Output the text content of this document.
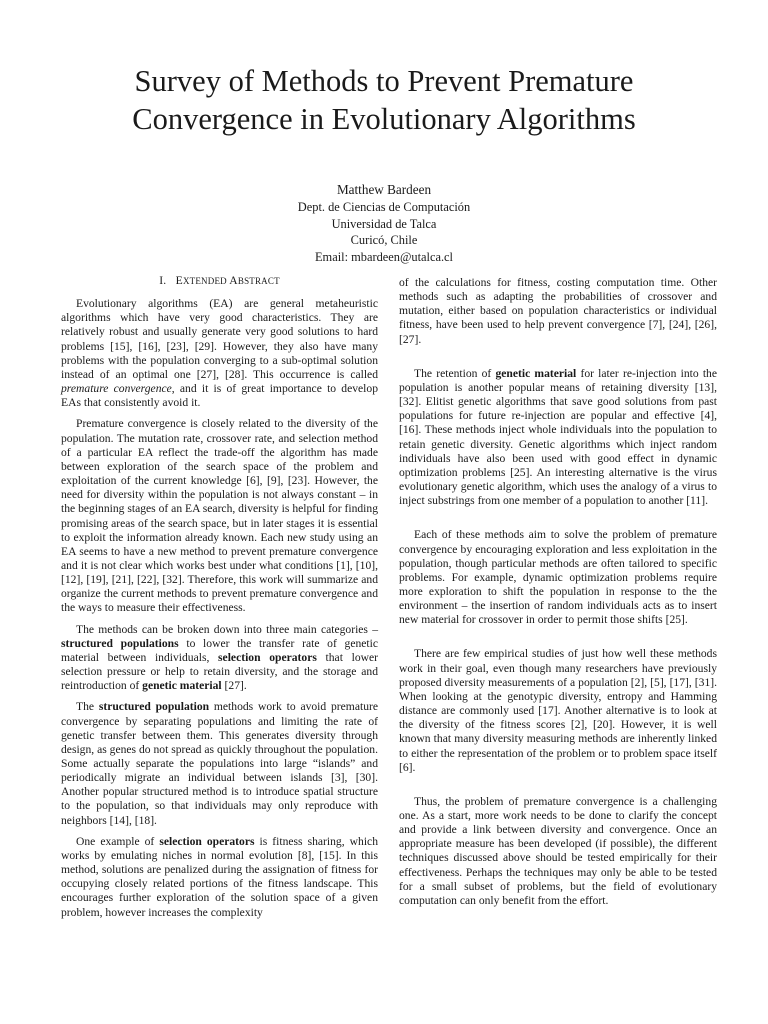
Survey of Methods to Prevent Premature
Convergence in Evolutionary Algorithms
Matthew Bardeen
Dept. de Ciencias de Computación
Universidad de Talca
Curicó, Chile
Email: mbardeen@utalca.cl
I. EXTENDED ABSTRACT

Evolutionary algorithms (EA) are general metaheuristic algorithms which have very good characteristics. They are relatively robust and usually generate very good solutions to hard problems [15], [16], [23], [29]. However, they also have many problems with the population converging to a sub-optimal solution instead of an optimal one [27], [28]. This occurrence is called premature convergence, and it is of great importance to develop EAs that consistently avoid it.

Premature convergence is closely related to the diversity of the population. The mutation rate, crossover rate, and selection method of a particular EA reflect the trade-off the algorithm has made between exploration of the search space of the problem and exploitation of the current knowledge [6], [9], [23]. However, the need for diversity within the population is not always constant – in the beginning stages of an EA search, diversity is helpful for finding promising areas of the search space, but in later stages it is essential to exploit the information already known. Each new study using an EA seems to have a new method to prevent premature convergence and it is not clear which works best under what conditions [1], [10], [12], [19], [21], [22], [32]. Therefore, this work will summarize and organize the current methods to prevent premature convergence and the ways to measure their effectiveness.

The methods can be broken down into three main categories – structured populations to lower the transfer rate of genetic material between individuals, selection operators that lower selection pressure or help to retain diversity, and the storage and reintroduction of genetic material [27].

The structured population methods work to avoid premature convergence by separating populations and limiting the rate of genetic transfer between them. This generates diversity through design, as genes do not spread as quickly throughout the population. Some actually separate the populations into large “islands” and periodically migrate an individual between islands [3], [30]. Another popular structured method is to introduce spatial structure to the population, so that individuals may only reproduce with neighbors [14], [18].

One example of selection operators is fitness sharing, which works by emulating niches in normal evolution [8], [15]. In this method, solutions are penalized during the assignation of fitness for occupying closely related portions of the fitness landscape. This encourages further exploration of the solution space of a given problem, however increases the complexity

of the calculations for fitness, costing computation time. Other methods such as adapting the probabilities of crossover and mutation, either based on population characteristics or individual fitness, have been used to help prevent convergence [7], [24], [26], [27].

The retention of genetic material for later re-injection into the population is another popular means of retaining diversity [13], [32]. Elitist genetic algorithms that save good solutions from past populations for future re-injection are popular and effective [4], [16]. These methods inject whole individuals into the population to retain genetic diversity. Genetic algorithms which inject random individuals have also been used with good effect in dynamic optimization problems [25]. An interesting alternative is the virus evolutionary genetic algorithm, which uses the analogy of a virus to inject substrings from one member of a population to another [11].

Each of these methods aim to solve the problem of premature convergence by encouraging exploration and less exploitation in the population, though particular methods are often tailored to specific problems. For example, dynamic optimization problems require more exploration to shift the population in response to the the environment – the insertion of random individuals acts as to insert new material for crossover in order to permit those shifts [25].

There are few empirical studies of just how well these methods work in their goal, even though many researchers have previously proposed diversity measurements of a population [2], [5], [17], [31]. When looking at the genotypic diversity, entropy and Hamming distance are commonly used [17]. Another alternative is to look at the diversity of the fitness scores [2], [20]. However, it is well known that many diversity measuring methods are inherently linked to either the representation of the problem or to problem space itself [6].

Thus, the problem of premature convergence is a challenging one. As a start, more work needs to be done to clarify the concept and provide a link between diversity and convergence. Once an appropriate measure has been developed (if possible), the different techniques discussed above should be tested empirically for their effectiveness. Perhaps the techniques may only be able to be tested for a small subset of problems, but the field of evolutionary computation can only benefit from the effort.
